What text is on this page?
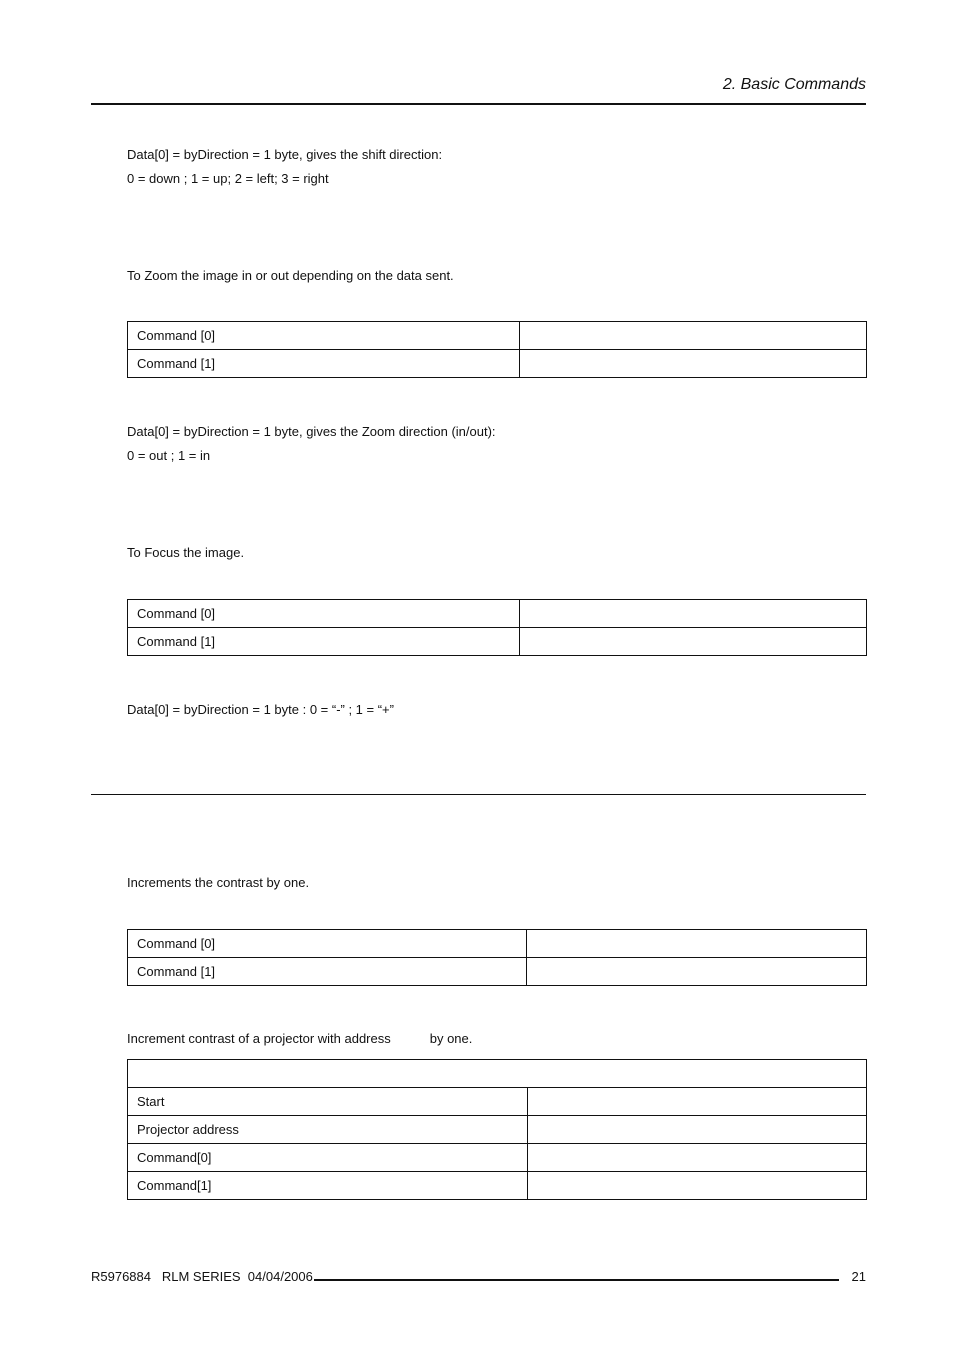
2. Basic Commands
Data[0] = byDirection = 1 byte, gives the shift direction:
0 = down ; 1 = up; 2 = left; 3 = right
To Zoom the image in or out depending on the data sent.
Command [0]	
Command [1]	
Data[0] = byDirection = 1 byte, gives the Zoom direction (in/out):
0 = out ; 1 = in
To Focus the image.
Command [0]	
Command [1]	
Data[0] = byDirection = 1 byte : 0 = “-” ; 1 = “+”
Increments the contrast by one.
Command [0]	
Command [1]	
Increment contrast of a projector with address	by one.

Start	
Projector address	
Command[0]	
Command[1]	
R5976884   RLM SERIES  04/04/2006	21
